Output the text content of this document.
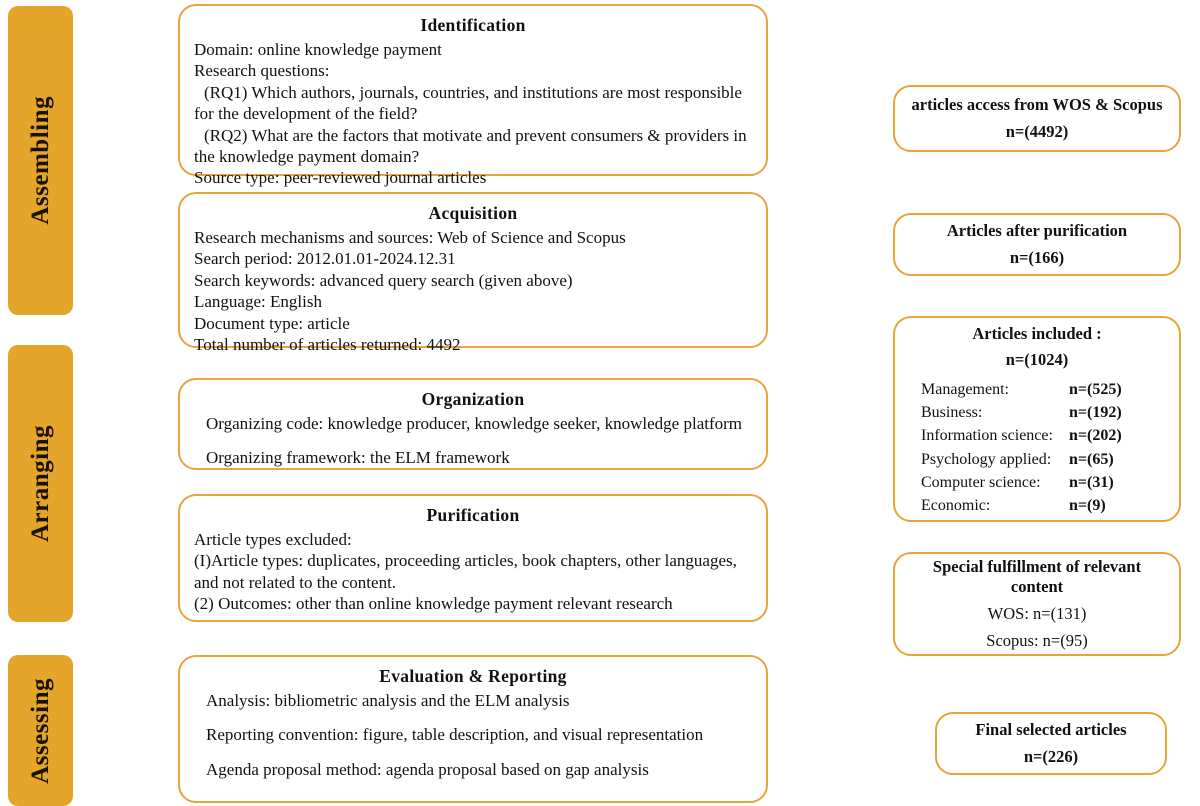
Assembling
Arranging
Assessing
Identification

Domain: online knowledge payment

Research questions:

(RQ1) Which authors, journals, countries, and institutions are most responsible for the development of the field?

(RQ2) What are the factors that motivate and prevent consumers & providers in the knowledge payment domain?

Source type: peer-reviewed journal articles

Acquisition

Research mechanisms and sources: Web of Science and Scopus

Search period: 2012.01.01-2024.12.31

Search keywords: advanced query search (given above)

Language: English

Document type: article

Total number of articles returned: 4492

Organization

Organizing code: knowledge producer, knowledge seeker, knowledge platform

Organizing framework: the ELM framework

Purification

Article types excluded:

(I)Article types: duplicates, proceeding articles, book chapters, other languages, and not related to the content.

(2) Outcomes: other than online knowledge payment relevant research

Evaluation & Reporting

Analysis: bibliometric analysis and the ELM analysis

Reporting convention: figure, table description, and visual representation

Agenda proposal method: agenda proposal based on gap analysis

articles access from WOS & Scopus
n=(4492)
Articles after purification
n=(166)
Articles included :
n=(1024)
Management:	n=(525)
Business:	n=(192)
Information science:	n=(202)
Psychology applied:	n=(65)
Computer science:	n=(31)
Economic:	n=(9)
Special fulfillment of relevant content
WOS: n=(131)
Scopus: n=(95)
Final selected articles
n=(226)
